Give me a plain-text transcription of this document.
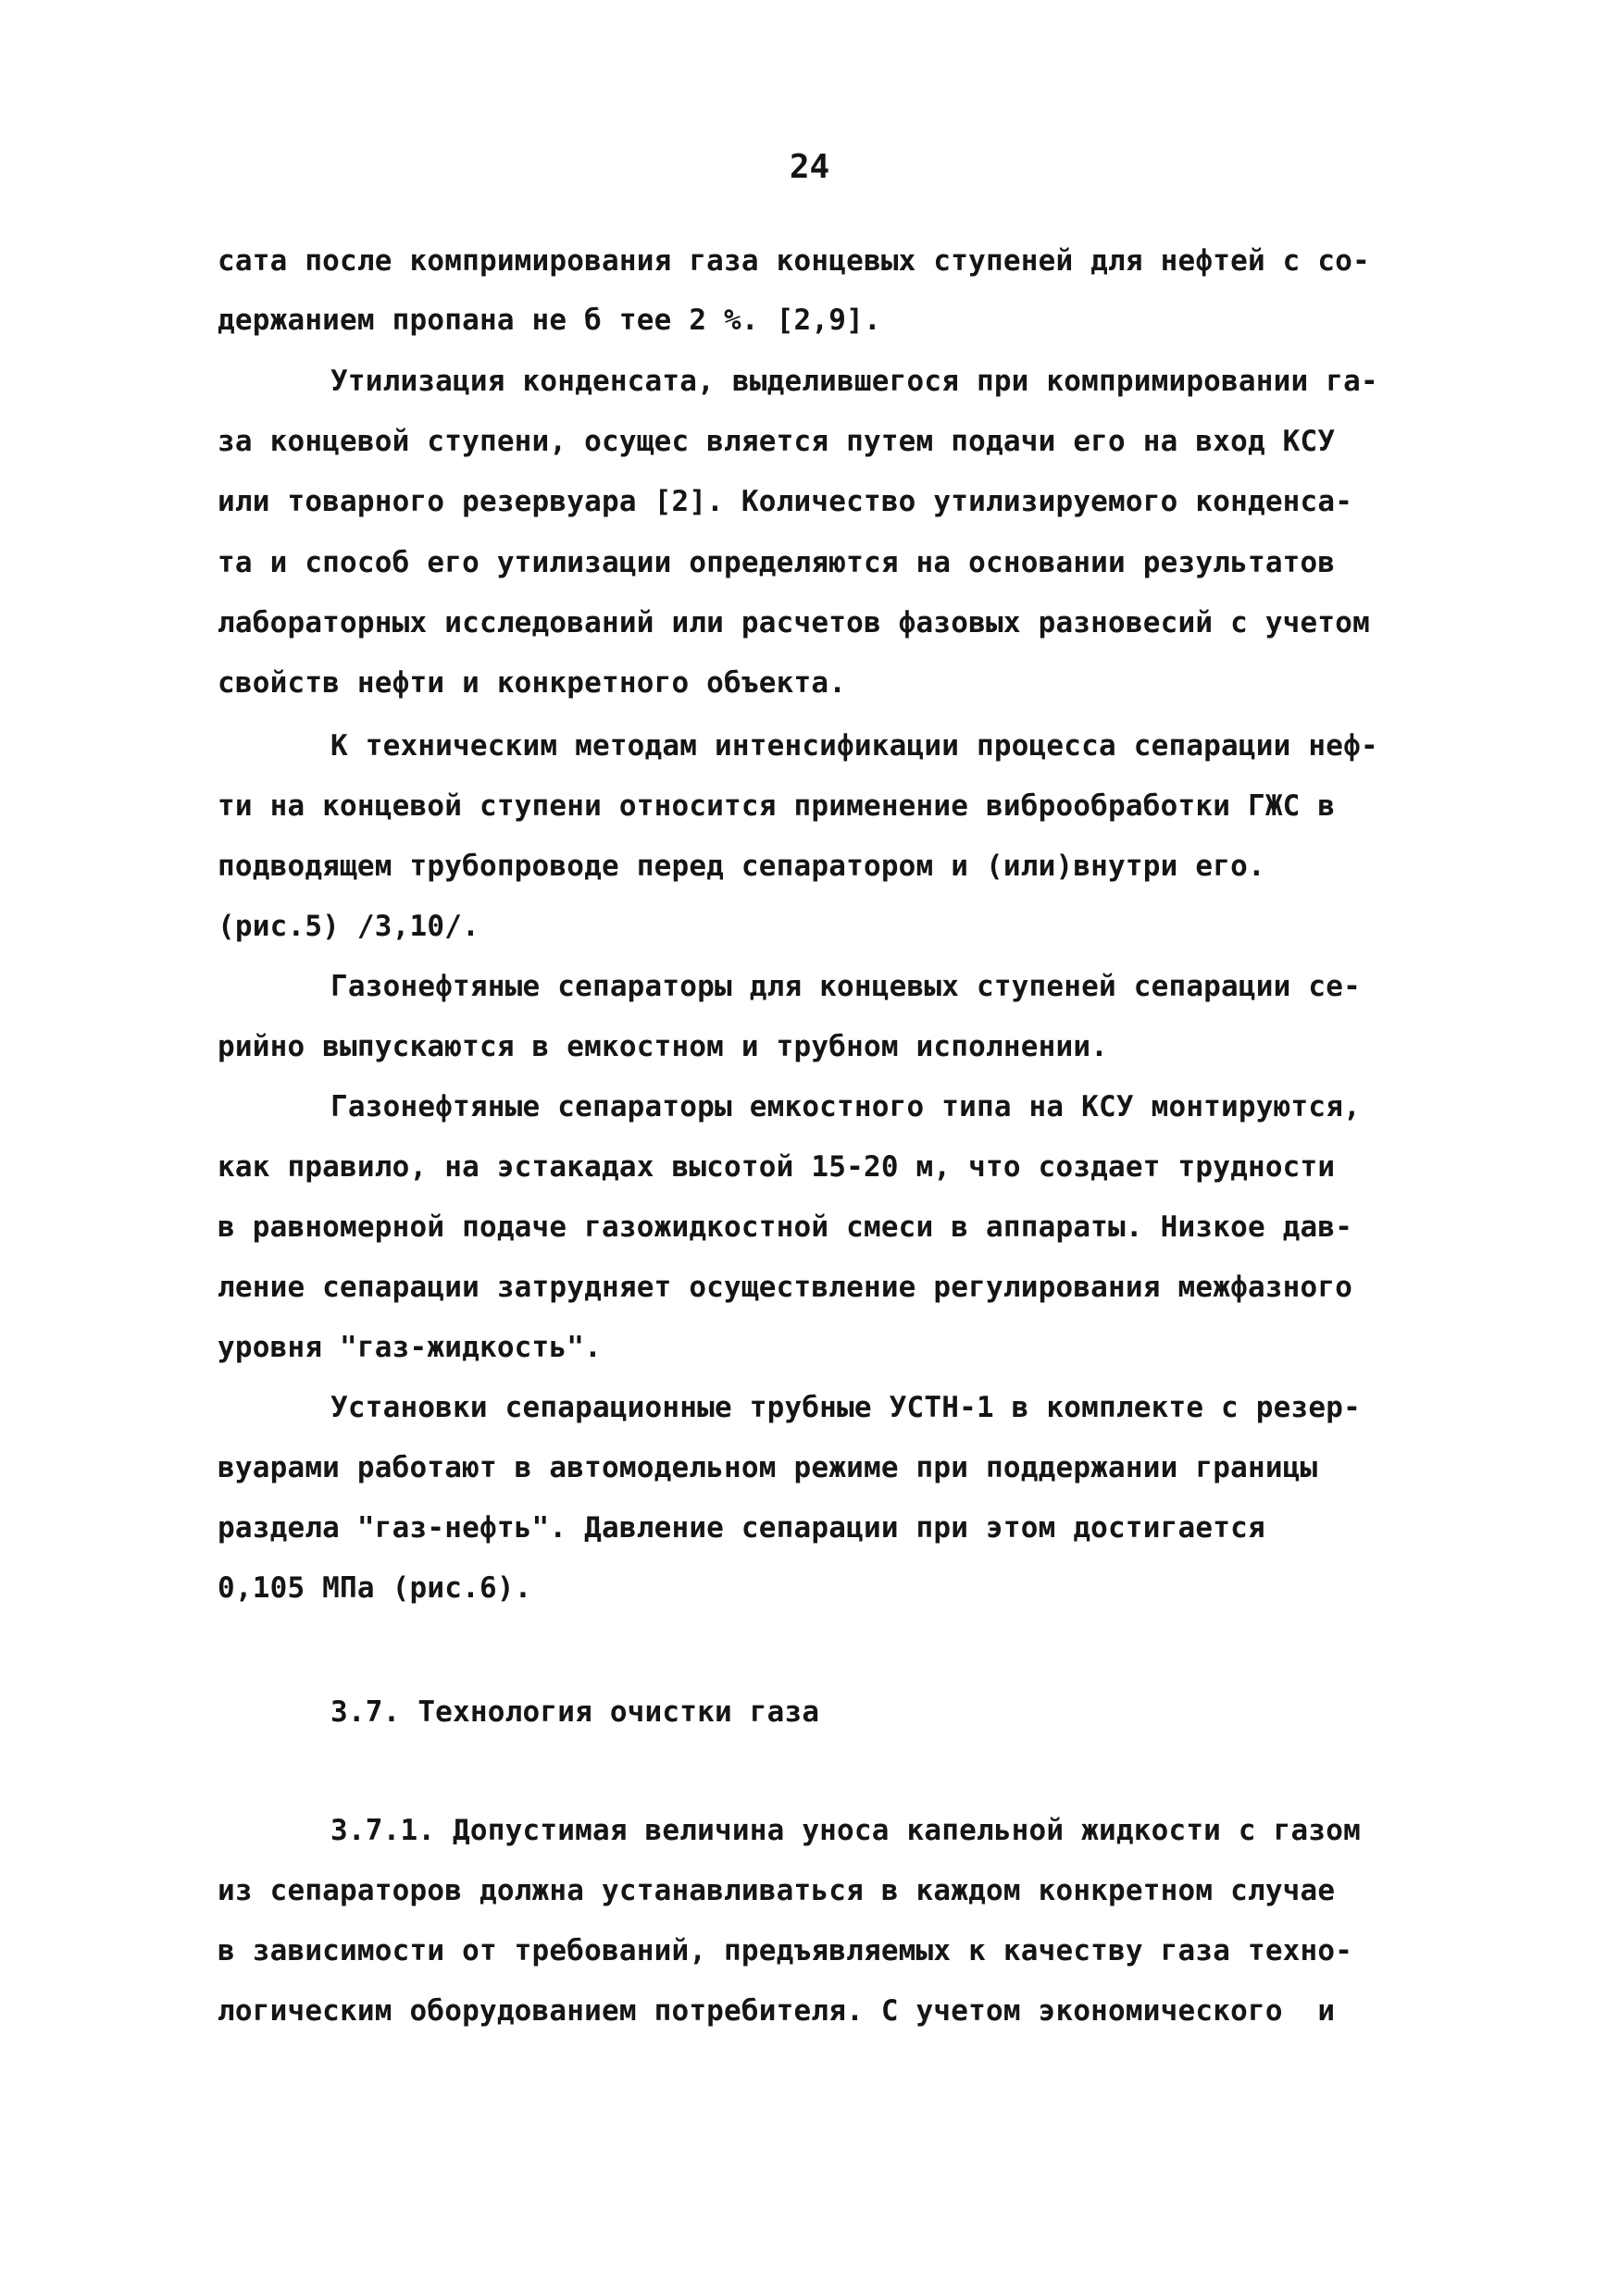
24
сата после компримирования газа концевых ступеней для нефтей с со-
держанием пропана не б тее 2 %. [2,9].
Утилизация конденсата, выделившегося при компримировании га-
за концевой ступени, осущес вляется путем подачи его на вход КСУ
или товарного резервуара [2]. Количество утилизируемого конденса-
та и способ его утилизации определяются на основании результатов
лабораторных исследований или расчетов фазовых разновесий с учетом
свойств нефти и конкретного объекта.
К техническим методам интенсификации процесса сепарации неф-
ти на концевой ступени относится применение виброобработки ГЖС в
подводящем трубопроводе перед сепаратором и (или)внутри его.
(рис.5) /3,10/.
Газонефтяные сепараторы для концевых ступеней сепарации се-
рийно выпускаются в емкостном и трубном исполнении.
Газонефтяные сепараторы емкостного типа на КСУ монтируются,
как правило, на эстакадах высотой 15-20 м, что создает трудности
в равномерной подаче газожидкостной смеси в аппараты. Низкое дав-
ление сепарации затрудняет осуществление регулирования межфазного
уровня "газ-жидкость".
Установки сепарационные трубные УСТН-1 в комплекте с резер-
вуарами работают в автомодельном режиме при поддержании границы
раздела "газ-нефть". Давление сепарации при этом достигается
0,105 МПа (рис.6).
3.7. Технология очистки газа
3.7.1. Допустимая величина уноса капельной жидкости с газом
из сепараторов должна устанавливаться в каждом конкретном случае
в зависимости от требований, предъявляемых к качеству газа техно-
логическим оборудованием потребителя. С учетом экономического  и
